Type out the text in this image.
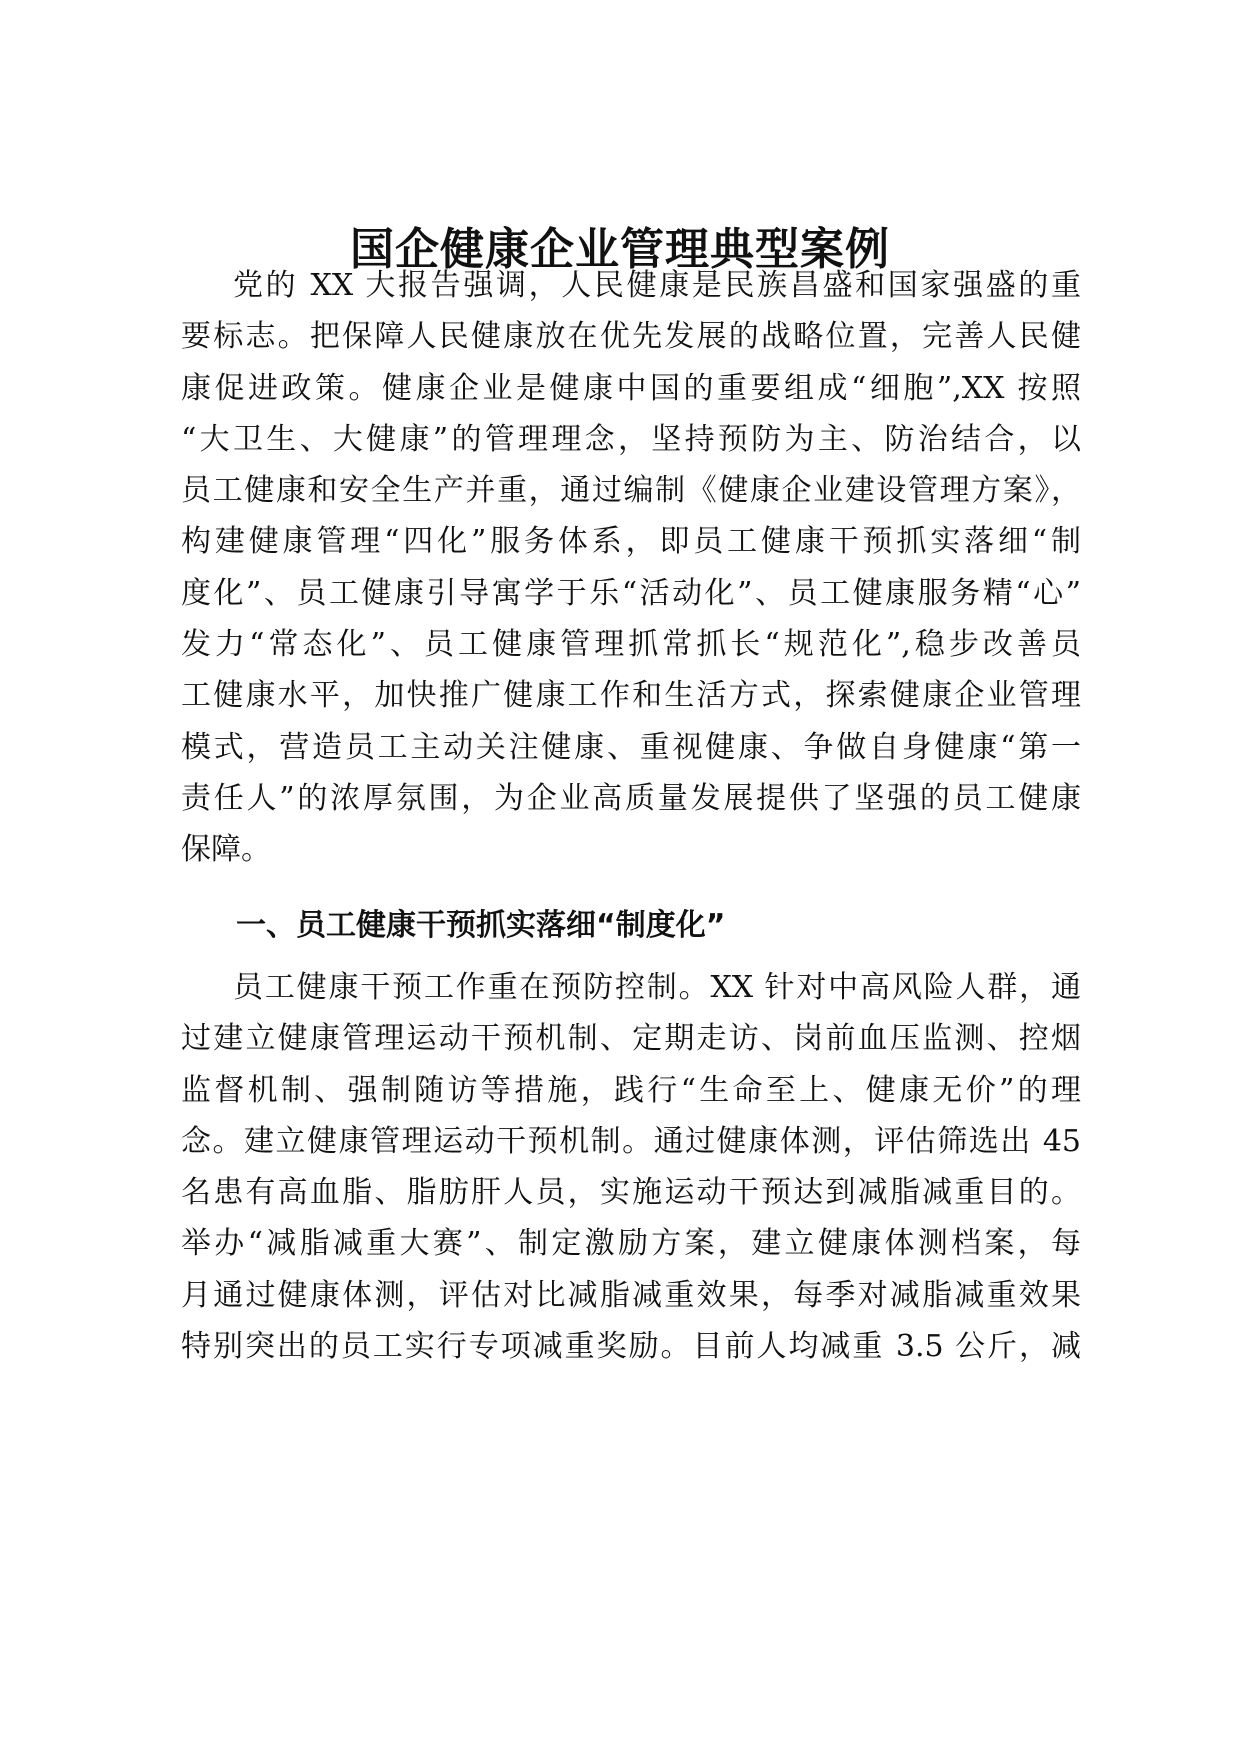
国企健康企业管理典型案例
党的 XX 大报告强调，人民健康是民族昌盛和国家强盛的重
要标志。把保障人民健康放在优先发展的战略位置，完善人民健
康促进政策。健康企业是健康中国的重要组成“细胞”,XX 按照
“大卫生、大健康”的管理理念，坚持预防为主、防治结合，以
员工健康和安全生产并重，通过编制《健康企业建设管理方案》，
构建健康管理“四化”服务体系，即员工健康干预抓实落细“制
度化”、员工健康引导寓学于乐“活动化”、员工健康服务精“心”
发力“常态化”、员工健康管理抓常抓长“规范化”,稳步改善员
工健康水平，加快推广健康工作和生活方式，探索健康企业管理
模式，营造员工主动关注健康、重视健康、争做自身健康“第一
责任人”的浓厚氛围，为企业高质量发展提供了坚强的员工健康
保障。
一、员工健康干预抓实落细“制度化”
员工健康干预工作重在预防控制。XX 针对中高风险人群，通
过建立健康管理运动干预机制、定期走访、岗前血压监测、控烟
监督机制、强制随访等措施，践行“生命至上、健康无价”的理
念。建立健康管理运动干预机制。通过健康体测，评估筛选出 45
名患有高血脂、脂肪肝人员，实施运动干预达到减脂减重目的。
举办“减脂减重大赛”、制定激励方案，建立健康体测档案，每
月通过健康体测，评估对比减脂减重效果，每季对减脂减重效果
特别突出的员工实行专项减重奖励。目前人均减重 3.5 公斤，减
